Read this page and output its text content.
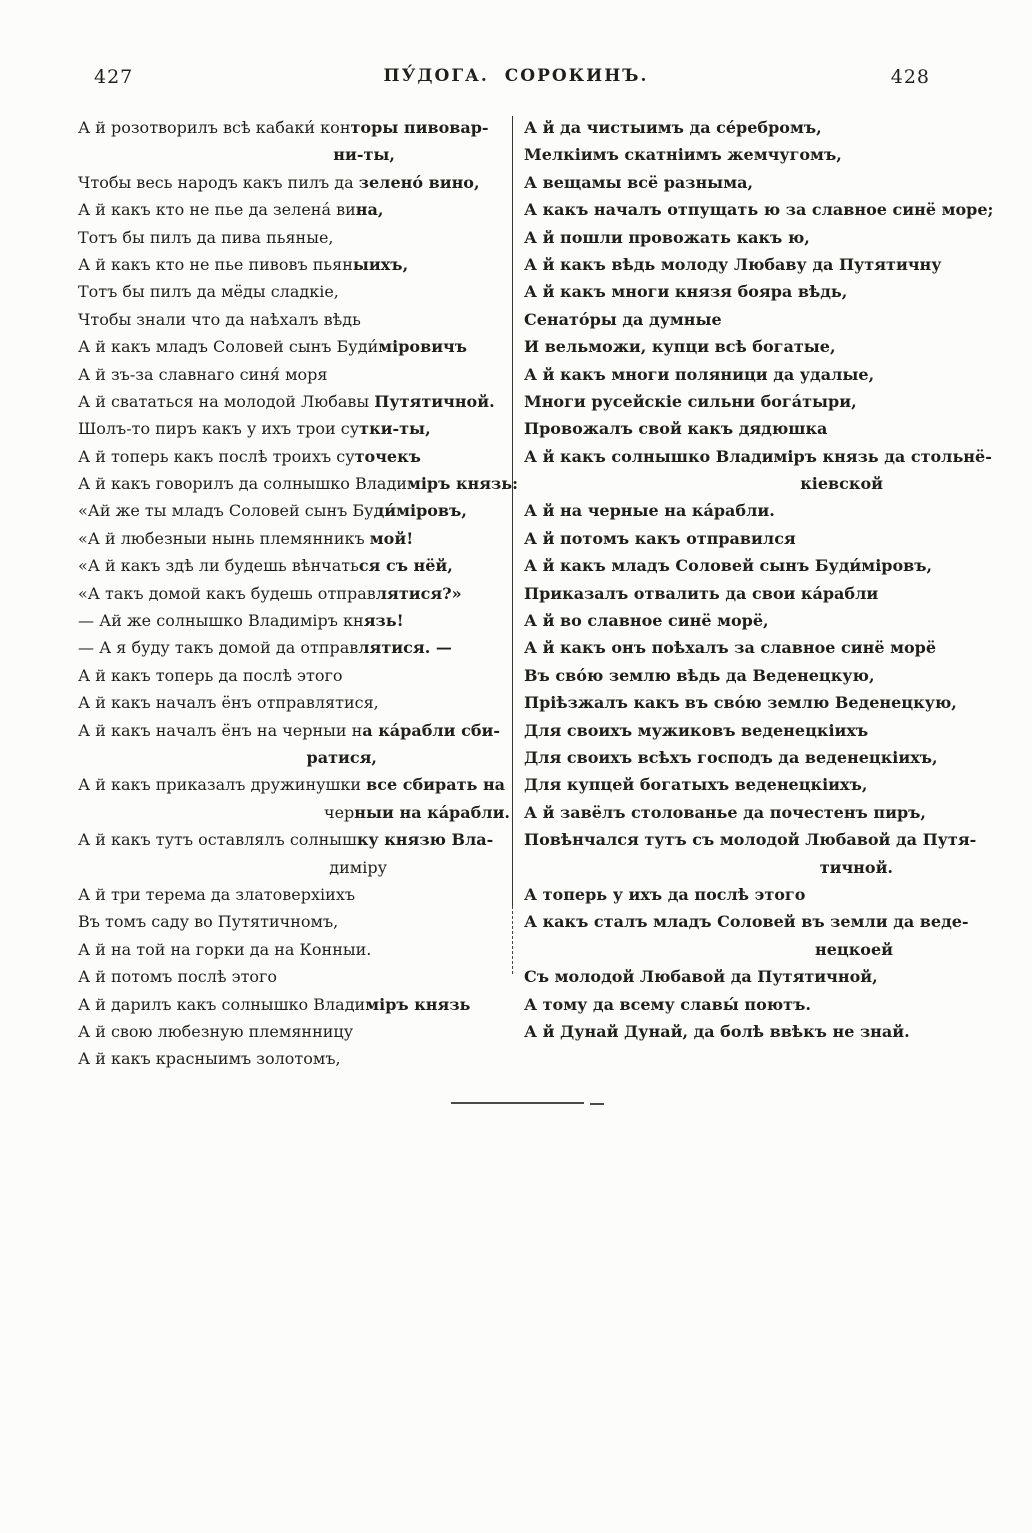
427	ПУ́ДОГА. СОРОКИНЪ.	428
А й розотворилъ всѣ кабаки́ конторы пивовар-
ни-ты,
Чтобы весь народъ какъ пилъ да зелено́ вино,
А й какъ кто не пье да зелена́ вина,
Тотъ бы пилъ да пива пьяные,
А й какъ кто не пье пивовъ пьяныихъ,
Тотъ бы пилъ да мёды сладкіе,
Чтобы знали что да наѣхалъ вѣдь
А й какъ младъ Соловей сынъ Буди́міровичъ
А й зъ-за славнаго синя́ моря
А й свататься на молодой Любавы Путятичной.
Шолъ-то пиръ какъ у ихъ трои сутки-ты,
А й топерь какъ послѣ троихъ суточекъ
А й какъ говорилъ да солнышко Владиміръ князь:
«Ай же ты младъ Соловей сынъ Буди́міровъ,
«А й любезныи нынь племянникъ мой!
«А й какъ здѣ ли будешь вѣнчаться съ нёй,
«А такъ домой какъ будешь отправлятися?»
— Ай же солнышко Владиміръ князь!
— А я буду такъ домой да отправлятися. —
А й какъ топерь да послѣ этого
А й какъ началъ ёнъ отправлятися,
А й какъ началъ ёнъ на черныи на ка́рабли сби-
ратися,
А й какъ приказалъ дружинушки все сбирать на
черныи на ка́рабли.
А й какъ тутъ оставлялъ солнышку князю Вла-
диміру
А й три терема да златоверхіихъ
Въ томъ саду во Путятичномъ,
А й на той на горки да на Конныи.
А й потомъ послѣ этого
А й дарилъ какъ солнышко Владиміръ князь
А й свою любезную племянницу
А й какъ красныимъ золотомъ,
А й да чистыимъ да се́ребромъ,
Мелкіимъ скатніимъ жемчугомъ,
А вещамы всё разныма,
А какъ началъ отпущать ю за славное синё море;
А й пошли провожать какъ ю,
А й какъ вѣдь молоду Любаву да Путятичну
А й какъ многи князя бояра вѣдь,
Сенато́ры да думные
И вельможи, купци всѣ богатые,
А й какъ многи поляници да удалые,
Многи русейскіе сильни бога́тыри,
Провожалъ свой какъ дядюшка
А й какъ солнышко Владиміръ князь да стольнё-
кіевской
А й на черные на ка́рабли.
А й потомъ какъ отправился
А й какъ младъ Соловей сынъ Буди́міровъ,
Приказалъ отвалить да свои ка́рабли
А й во славное синё морё,
А й какъ онъ поѣхалъ за славное синё морё
Въ сво́ю землю вѣдь да Веденецкую,
Пріѣзжалъ какъ въ сво́ю землю Веденецкую,
Для своихъ мужиковъ веденецкіихъ
Для своихъ всѣхъ господъ да веденецкіихъ,
Для купцей богатыхъ веденецкіихъ,
А й завёлъ столованье да почестенъ пиръ,
Повѣнчался тутъ съ молодой Любавой да Путя-
тичной.
А топерь у ихъ да послѣ этого
А какъ сталъ младъ Соловей въ земли да веде-
нецкоей
Съ молодой Любавой да Путятичной,
А тому да всему славы́ поютъ.
А й Дунай Дунай, да болѣ ввѣкъ не знай.
